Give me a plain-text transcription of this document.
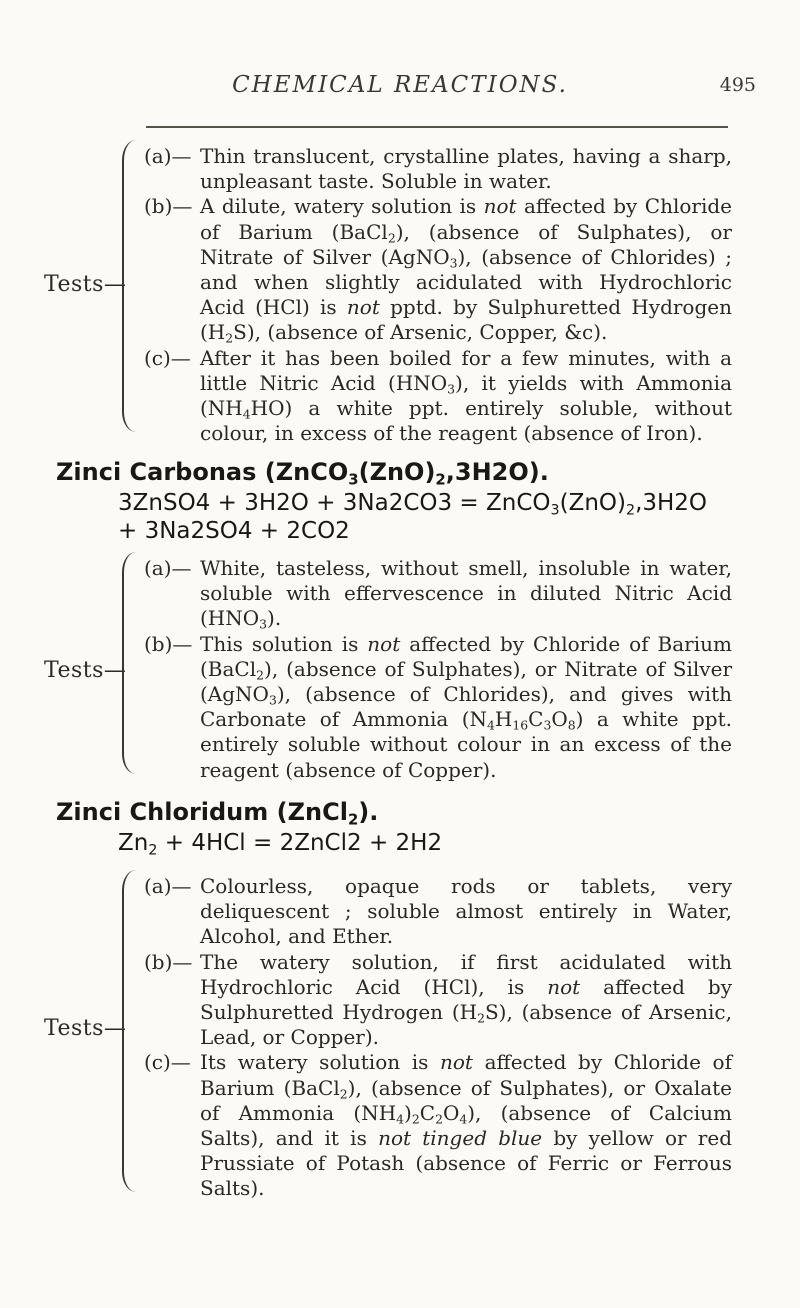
CHEMICAL REACTIONS.	495
Tests—
(a)— Thin translucent, crystalline plates, having a sharp, unpleasant taste. Soluble in water.
(b)— A dilute, watery solution is not affected by Chloride of Barium (BaCl$_2$), (absence of Sulphates), or Nitrate of Silver (AgNO$_3$), (absence of Chlorides) ; and when slightly acidulated with Hydrochloric Acid (HCl) is not pptd. by Sulphuretted Hydrogen $(H_2S)$, (absence of Arsenic, Copper, &c).
(c)— After it has been boiled for a few minutes, with a little Nitric Acid $(HNO_3)$, it yields with Ammonia $(NH_4HO)$ a white ppt. entirely soluble, without colour, in excess of the reagent (absence of Iron).
Zinci Carbonas $(ZnCO_3(ZnO)_2,3H2O)$.
3ZnSO4 + $3H2O + 3Na2CO3 = ZnCO_3(ZnO)_2,3H2O$
+ 3Na2SO4 + 2CO2
Tests—
(a)— White, tasteless, without smell, insoluble in water, soluble with effervescence in diluted Nitric Acid $(HNO_3)$.
(b)— This solution is not affected by Chloride of Barium (BaCl$_2$), (absence of Sulphates), or Nitrate of Silver (AgNO$_3$), (absence of Chlorides), and gives with Carbonate of Ammonia $(N_4H_{16}C_3O_8)$ a white ppt. entirely soluble without colour in an excess of the reagent (absence of Copper).
Zinci Chloridum (ZnCl$_2$).
$Zn_2 + 4HCl$ = 2ZnCl2 + 2H2
Tests—
(a)— Colourless, opaque rods or tablets, very deliquescent ; soluble almost entirely in Water, Alcohol, and Ether.
(b)— The watery solution, if first acidulated with Hydrochloric Acid (HCl), is not affected by Sulphuretted Hydrogen $(H_2S)$, (absence of Arsenic, Lead, or Copper).
(c)— Its watery solution is not affected by Chloride of Barium (BaCl$_2$), (absence of Sulphates), or Oxalate of Ammonia $(NH_4)_2C_2O_4$), (absence of Calcium Salts), and it is not tinged blue by yellow or red Prussiate of Potash (absence of Ferric or Ferrous Salts).
